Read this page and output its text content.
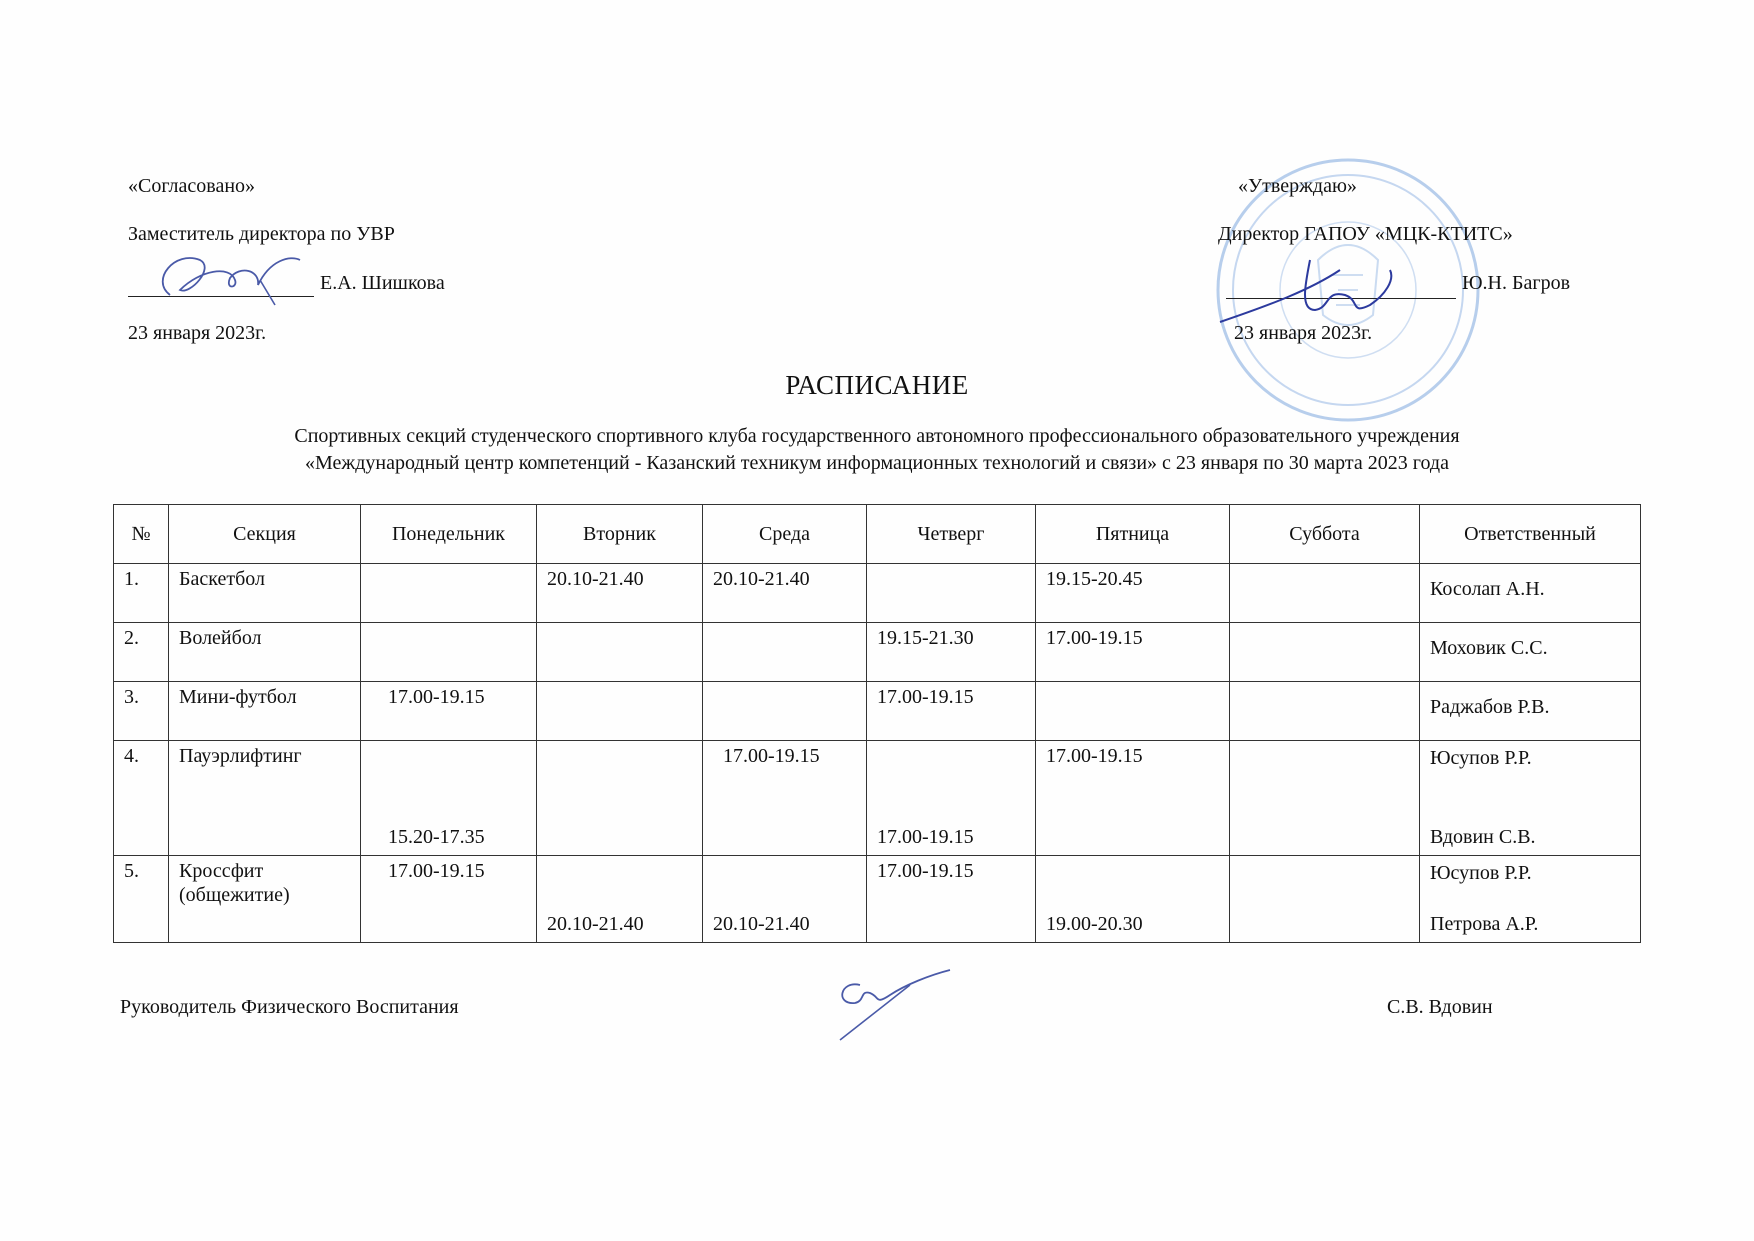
«Согласовано»
Заместитель директора по УВР
Е.А. Шишкова
23 января 2023г.
«Утверждаю»
Директор ГАПОУ «МЦК-КТИТС»
Ю.Н. Багров
23 января 2023г.
РАСПИСАНИЕ
Спортивных секций студенческого спортивного клуба государственного автономного профессионального образовательного учреждения
«Международный центр компетенций - Казанский техникум информационных технологий и связи» с 23 января по 30 марта 2023 года
№	Секция	Понедельник	Вторник	Среда	Четверг	Пятница	Суббота	Ответственный

1.	Баскетбол		20.10-21.40	20.10-21.40		19.15-20.45		Косолап А.Н.

2.	Волейбол				19.15-21.30	17.00-19.15		Моховик С.С.

3.	Мини-футбол	17.00-19.15			17.00-19.15			Раджабов Р.В.

4.	Пауэрлифтинг	15.20-17.35		17.00-19.15	17.00-19.15	17.00-19.15		Юсупов Р.Р.
Вдовин С.В.

5.	Кроссфит
(общежитие)	17.00-19.15	20.10-21.40	20.10-21.40	17.00-19.15	19.00-20.30		Юсупов Р.Р.
Петрова А.Р.
Руководитель Физического Воспитания	С.В. Вдовин
